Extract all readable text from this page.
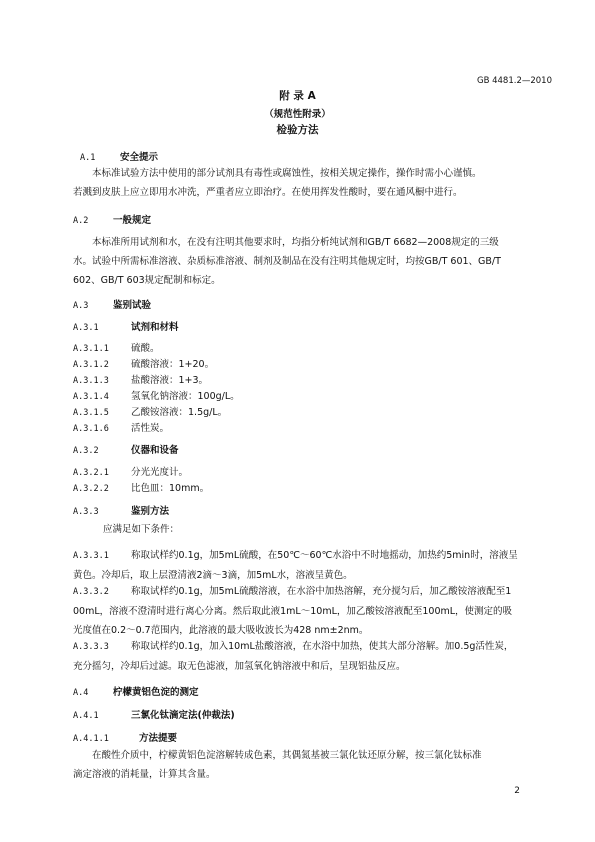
GB 4481.2—2010
附 录 A
（规范性附录）
检验方法
A.1	安全提示

本标准试验方法中使用的部分试剂具有毒性或腐蚀性，按相关规定操作，操作时需小心谨慎。

若溅到皮肤上应立即用水冲洗，严重者应立即治疗。在使用挥发性酸时，要在通风橱中进行。

A.2	一般规定

本标准所用试剂和水，在没有注明其他要求时，均指分析纯试剂和GB/T 6682—2008规定的三级

水。试验中所需标准溶液、杂质标准溶液、制剂及制品在没有注明其他规定时，均按GB/T 601、GB/T

602、GB/T 603规定配制和标定。

A.3	鉴别试验
A.3.1	试剂和材料
A.3.1.1 硫酸。
A.3.1.2 硫酸溶液：1+20。
A.3.1.3 盐酸溶液：1+3。
A.3.1.4 氢氧化钠溶液：100g/L。
A.3.1.5 乙酸铵溶液：1.5g/L。
A.3.1.6 活性炭。
A.3.2	仪器和设备
A.3.2.1 分光光度计。
A.3.2.2 比色皿：10mm。
A.3.3	鉴别方法
应满足如下条件：

A.3.3.1 称取试样约0.1g，加5mL硫酸，在50℃～60℃水浴中不时地摇动，加热约5min时，溶液呈

黄色。冷却后，取上层澄清液2滴～3滴，加5mL水，溶液呈黄色。

A.3.3.2 称取试样约0.1g，加5mL硫酸溶液，在水浴中加热溶解，充分搅匀后，加乙酸铵溶液配至1

00mL，溶液不澄清时进行离心分离。然后取此液1mL～10mL，加乙酸铵溶液配至100mL，使测定的吸

光度值在0.2～0.7范围内，此溶液的最大吸收波长为428 nm±2nm。

A.3.3.3 称取试样约0.1g，加入10mL盐酸溶液，在水浴中加热，使其大部分溶解。加0.5g活性炭，

充分摇匀，冷却后过滤。取无色滤液，加氢氧化钠溶液中和后，呈现铝盐反应。

A.4	柠檬黄铝色淀的测定
A.4.1	三氯化钛滴定法(仲裁法)
A.4.1.1	方法提要

在酸性介质中，柠檬黄铝色淀溶解转成色素，其偶氮基被三氯化钛还原分解，按三氯化钛标准

滴定溶液的消耗量，计算其含量。

2
